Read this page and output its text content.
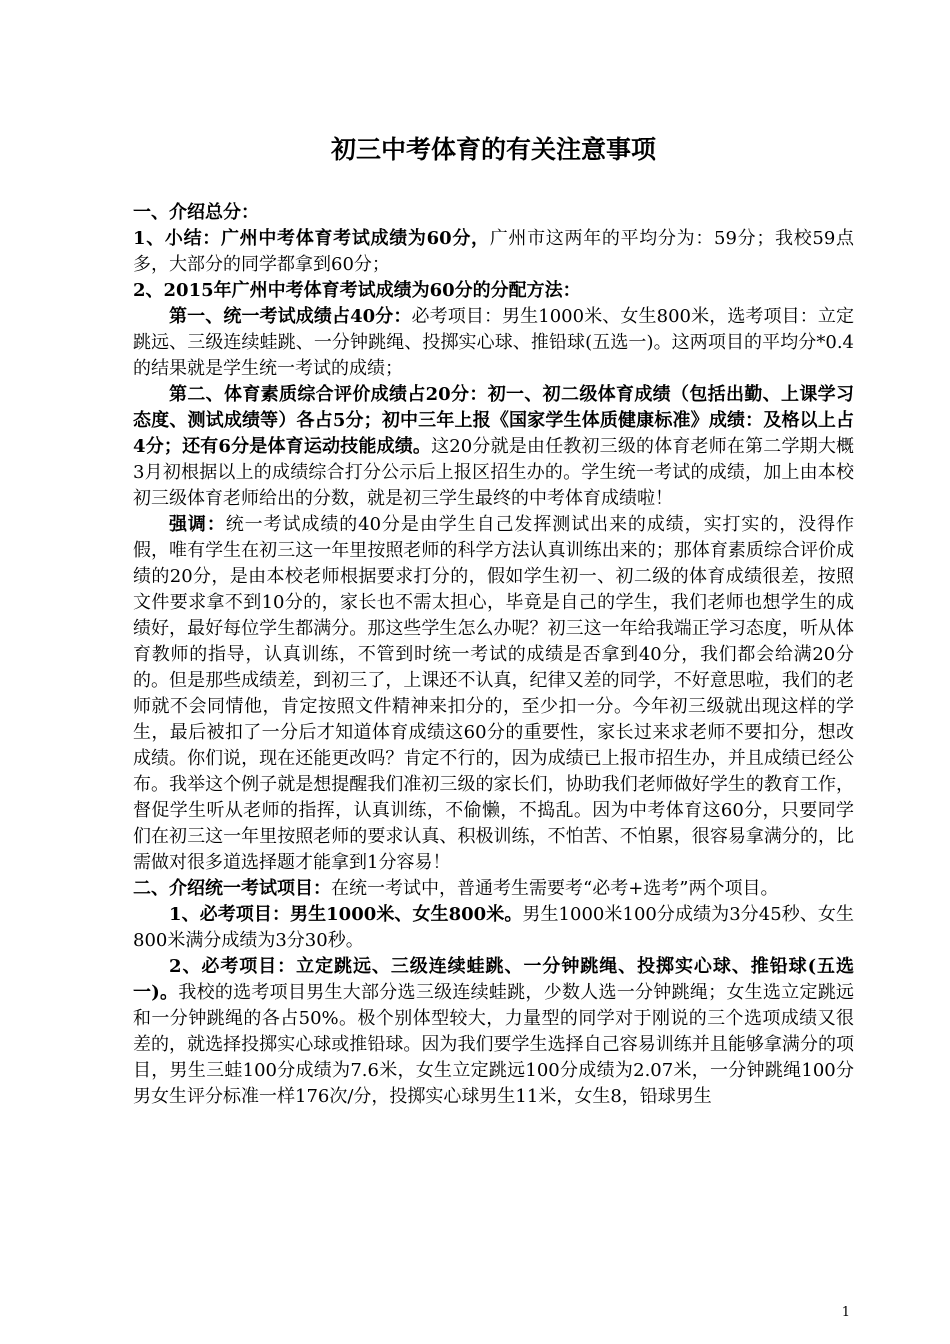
初三中考体育的有关注意事项

一、介绍总分：

1、小结：广州中考体育考试成绩为60分，广州市这两年的平均分为：59分；我校59点多，大部分的同学都拿到60分；

2、2015年广州中考体育考试成绩为60分的分配方法：

第一、统一考试成绩占40分：必考项目：男生1000米、女生800米，选考项目：立定跳远、三级连续蛙跳、一分钟跳绳、投掷实心球、推铅球(五选一)。这两项目的平均分*0.4的结果就是学生统一考试的成绩；

第二、体育素质综合评价成绩占20分：初一、初二级体育成绩（包括出勤、上课学习态度、测试成绩等）各占5分；初中三年上报《国家学生体质健康标准》成绩：及格以上占4分；还有6分是体育运动技能成绩。这20分就是由任教初三级的体育老师在第二学期大概3月初根据以上的成绩综合打分公示后上报区招生办的。学生统一考试的成绩，加上由本校初三级体育老师给出的分数，就是初三学生最终的中考体育成绩啦！

强调：统一考试成绩的40分是由学生自己发挥测试出来的成绩，实打实的，没得作假，唯有学生在初三这一年里按照老师的科学方法认真训练出来的；那体育素质综合评价成绩的20分，是由本校老师根据要求打分的，假如学生初一、初二级的体育成绩很差，按照文件要求拿不到10分的，家长也不需太担心，毕竟是自己的学生，我们老师也想学生的成绩好，最好每位学生都满分。那这些学生怎么办呢？初三这一年给我端正学习态度，听从体育教师的指导，认真训练，不管到时统一考试的成绩是否拿到40分，我们都会给满20分的。但是那些成绩差，到初三了，上课还不认真，纪律又差的同学，不好意思啦，我们的老师就不会同情他，肯定按照文件精神来扣分的，至少扣一分。今年初三级就出现这样的学生，最后被扣了一分后才知道体育成绩这60分的重要性，家长过来求老师不要扣分，想改成绩。你们说，现在还能更改吗？肯定不行的，因为成绩已上报市招生办，并且成绩已经公布。我举这个例子就是想提醒我们准初三级的家长们，协助我们老师做好学生的教育工作，督促学生听从老师的指挥，认真训练，不偷懒，不捣乱。因为中考体育这60分，只要同学们在初三这一年里按照老师的要求认真、积极训练，不怕苦、不怕累，很容易拿满分的，比需做对很多道选择题才能拿到1分容易！

二、介绍统一考试项目：在统一考试中，普通考生需要考“必考+选考”两个项目。

1、必考项目：男生1000米、女生800米。男生1000米100分成绩为3分45秒、女生800米满分成绩为3分30秒。

2、必考项目：立定跳远、三级连续蛙跳、一分钟跳绳、投掷实心球、推铅球(五选一)。我校的选考项目男生大部分选三级连续蛙跳，少数人选一分钟跳绳；女生选立定跳远和一分钟跳绳的各占50%。极个别体型较大，力量型的同学对于刚说的三个选项成绩又很差的，就选择投掷实心球或推铅球。因为我们要学生选择自己容易训练并且能够拿满分的项目，男生三蛙100分成绩为7.6米，女生立定跳远100分成绩为2.07米，一分钟跳绳100分男女生评分标准一样176次/分，投掷实心球男生11米，女生8，铅球男生

1
